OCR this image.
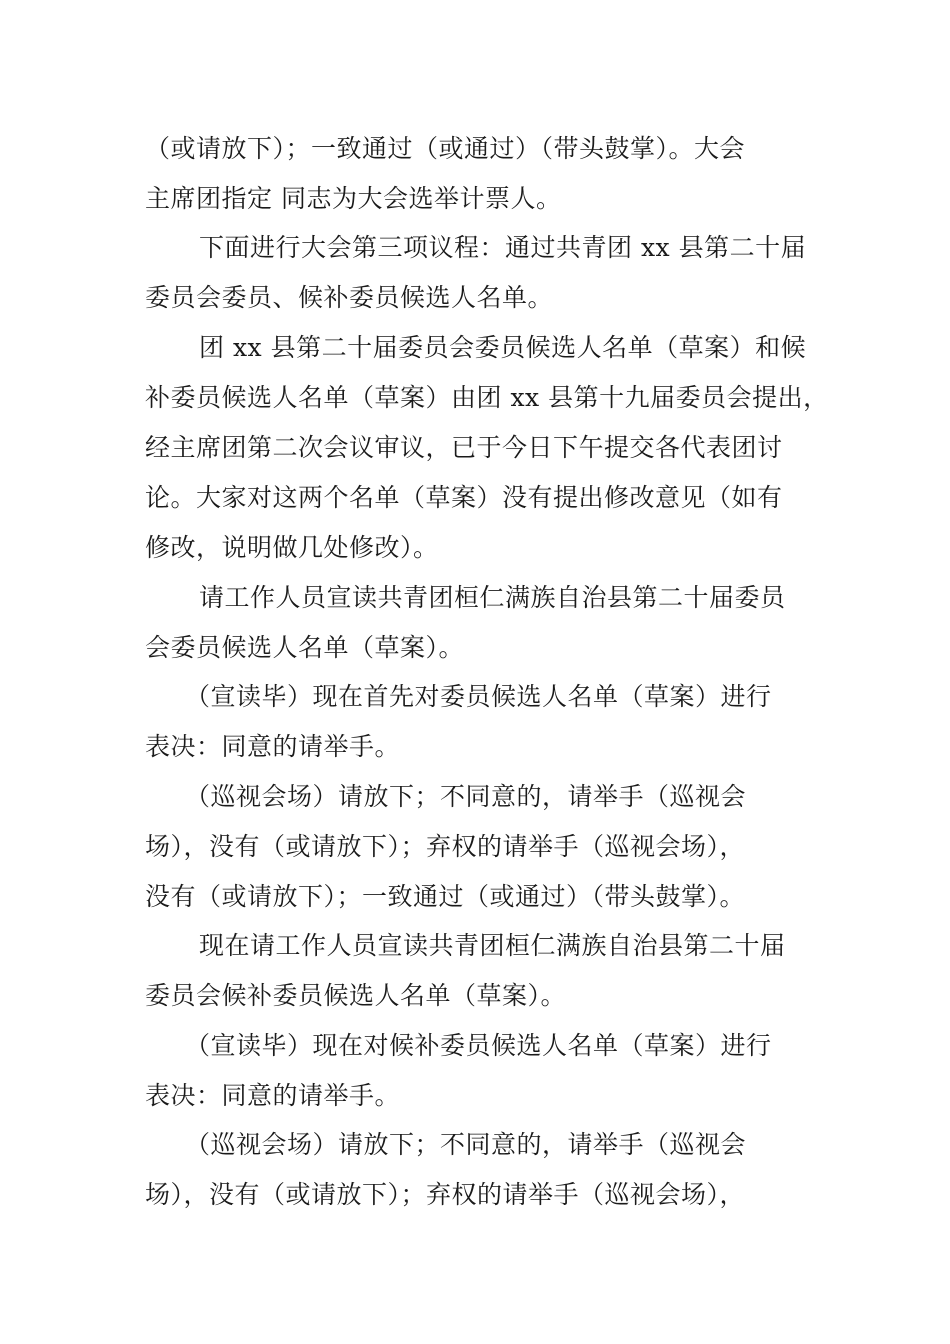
（或请放下）；一致通过（或通过）（带头鼓掌）。大会
主席团指定 同志为大会选举计票人。
下面进行大会第三项议程：通过共青团 xx 县第二十届
委员会委员、候补委员候选人名单。
团 xx 县第二十届委员会委员候选人名单（草案）和候
补委员候选人名单（草案）由团 xx 县第十九届委员会提出，
经主席团第二次会议审议，已于今日下午提交各代表团讨
论。大家对这两个名单（草案）没有提出修改意见（如有
修改，说明做几处修改）。
请工作人员宣读共青团桓仁满族自治县第二十届委员
会委员候选人名单（草案）。
（宣读毕）现在首先对委员候选人名单（草案）进行
表决：同意的请举手。
（巡视会场）请放下；不同意的，请举手（巡视会
场），没有（或请放下）；弃权的请举手（巡视会场），
没有（或请放下）；一致通过（或通过）（带头鼓掌）。
现在请工作人员宣读共青团桓仁满族自治县第二十届
委员会候补委员候选人名单（草案）。
（宣读毕）现在对候补委员候选人名单（草案）进行
表决：同意的请举手。
（巡视会场）请放下；不同意的，请举手（巡视会
场），没有（或请放下）；弃权的请举手（巡视会场），
